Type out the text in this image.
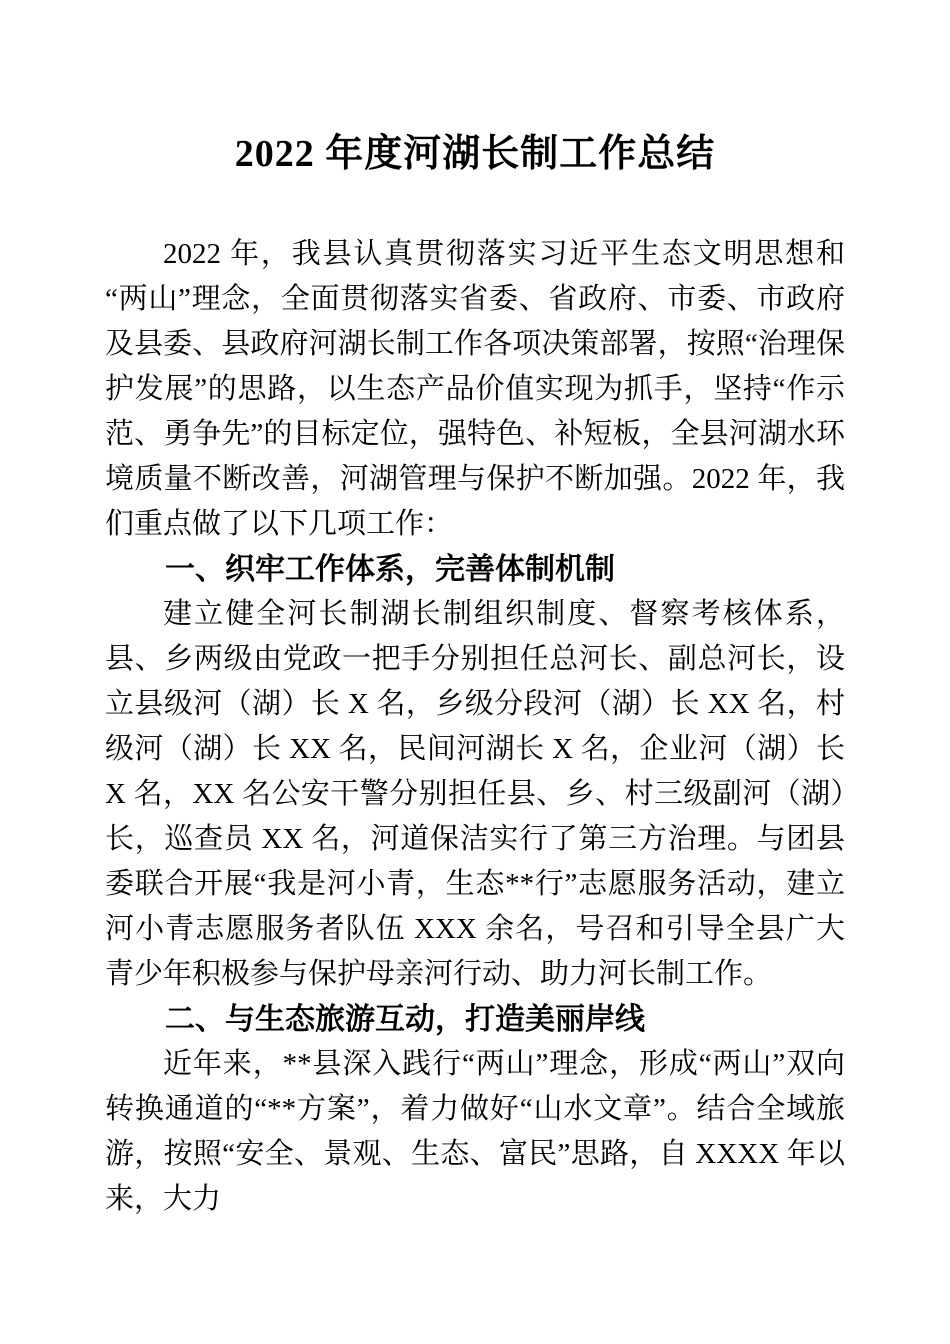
2022 年度河湖长制工作总结

2022 年，我县认真贯彻落实习近平生态文明思想和“两山”理念，全面贯彻落实省委、省政府、市委、市政府及县委、县政府河湖长制工作各项决策部署，按照“治理保护发展”的思路，以生态产品价值实现为抓手，坚持“作示范、勇争先”的目标定位，强特色、补短板，全县河湖水环境质量不断改善，河湖管理与保护不断加强。2022 年，我们重点做了以下几项工作：

一、织牢工作体系，完善体制机制

建立健全河长制湖长制组织制度、督察考核体系，县、乡两级由党政一把手分别担任总河长、副总河长，设立县级河（湖）长 X 名，乡级分段河（湖）长 XX 名，村级河（湖）长 XX 名，民间河湖长 X 名，企业河（湖）长 X 名，XX 名公安干警分别担任县、乡、村三级副河（湖）长，巡查员 XX 名，河道保洁实行了第三方治理。与团县委联合开展“我是河小青，生态**行”志愿服务活动，建立河小青志愿服务者队伍 XXX 余名，号召和引导全县广大青少年积极参与保护母亲河行动、助力河长制工作。

二、与生态旅游互动，打造美丽岸线

近年来，**县深入践行“两山”理念，形成“两山”双向转换通道的“**方案”，着力做好“山水文章”。结合全域旅游，按照“安全、景观、生态、富民”思路，自 XXXX 年以来，大力
